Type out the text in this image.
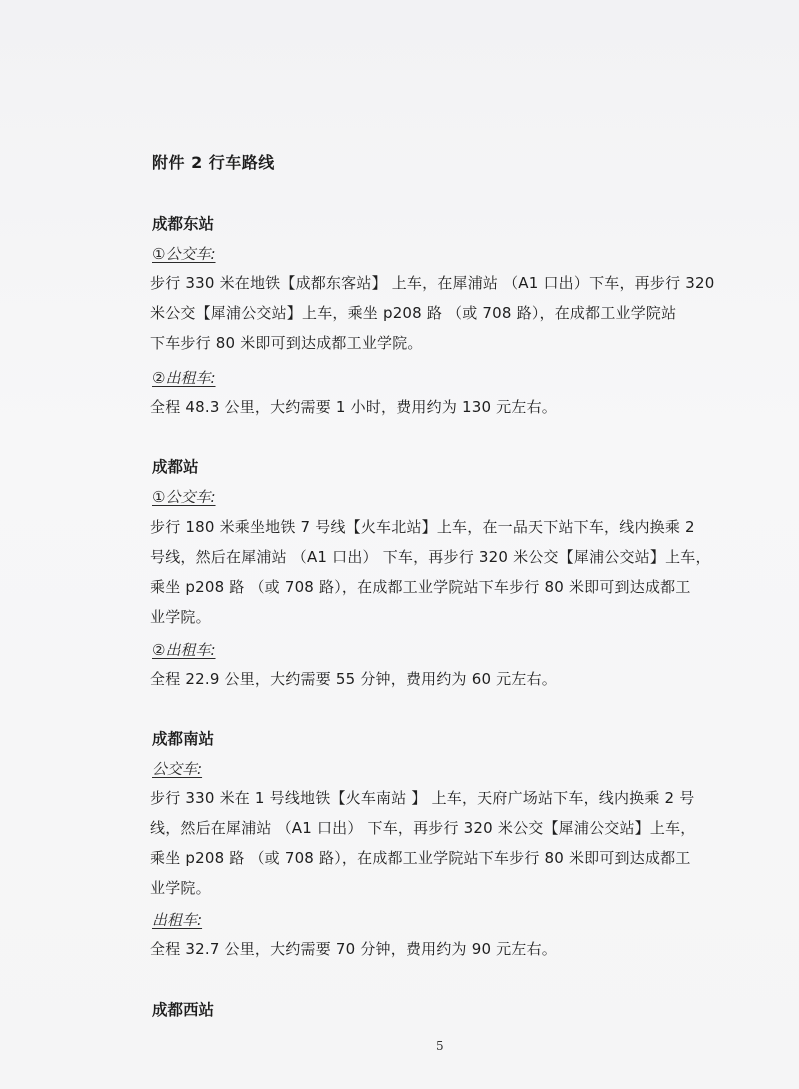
附件 2 行车路线
成都东站
①公交车:
步行 330 米在地铁【成都东客站】 上车，在犀浦站 （A1 口出）下车，再步行 320
米公交【犀浦公交站】上车，乘坐 p208 路 （或 708 路），在成都工业学院站
下车步行 80 米即可到达成都工业学院。
②出租车:
全程 48.3 公里，大约需要 1 小时，费用约为 130 元左右。
成都站
①公交车:
步行 180 米乘坐地铁 7 号线【火车北站】上车，在一品天下站下车，线内换乘 2
号线，然后在犀浦站 （A1 口出） 下车，再步行 320 米公交【犀浦公交站】上车，
乘坐 p208 路 （或 708 路），在成都工业学院站下车步行 80 米即可到达成都工
业学院。
②出租车:
全程 22.9 公里，大约需要 55 分钟，费用约为 60 元左右。
成都南站
公交车:
步行 330 米在 1 号线地铁【火车南站 】 上车，天府广场站下车，线内换乘 2 号
线，然后在犀浦站 （A1 口出） 下车，再步行 320 米公交【犀浦公交站】上车，
乘坐 p208 路 （或 708 路），在成都工业学院站下车步行 80 米即可到达成都工
业学院。
出租车:
全程 32.7 公里，大约需要 70 分钟，费用约为 90 元左右。
成都西站
5
